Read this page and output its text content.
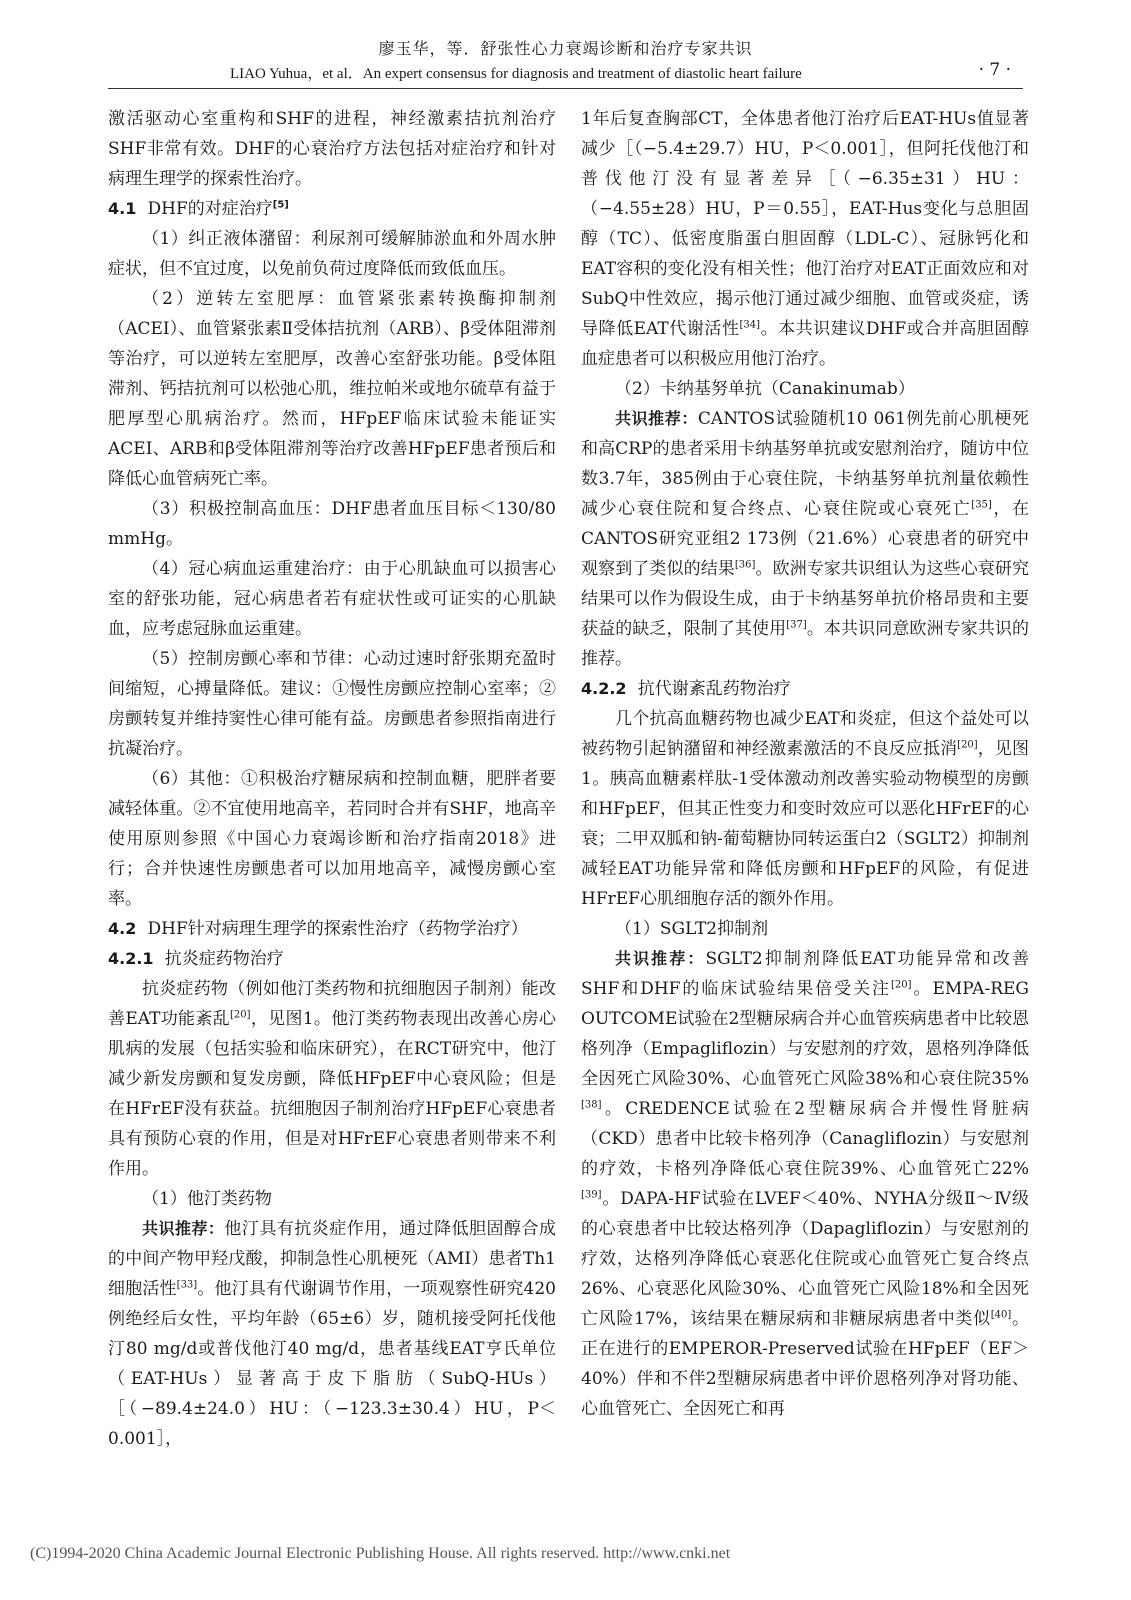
廖玉华，等．舒张性心力衰竭诊断和治疗专家共识
LIAO Yuhua，et al．An expert consensus for diagnosis and treatment of diastolic heart failure	· 7 ·

激活驱动心室重构和SHF的进程，神经激素拮抗剂治疗SHF非常有效。DHF的心衰治疗方法包括对症治疗和针对病理生理学的探索性治疗。

4.1 DHF的对症治疗[5]

（1）纠正液体潴留：利尿剂可缓解肺淤血和外周水肿症状，但不宜过度，以免前负荷过度降低而致低血压。

（2）逆转左室肥厚：血管紧张素转换酶抑制剂（ACEI）、血管紧张素Ⅱ受体拮抗剂（ARB）、β受体阻滞剂等治疗，可以逆转左室肥厚，改善心室舒张功能。β受体阻滞剂、钙拮抗剂可以松弛心肌，维拉帕米或地尔硫草有益于肥厚型心肌病治疗。然而，HFpEF临床试验未能证实ACEI、ARB和β受体阻滞剂等治疗改善HFpEF患者预后和降低心血管病死亡率。

（3）积极控制高血压：DHF患者血压目标＜130/80 mmHg。

（4）冠心病血运重建治疗：由于心肌缺血可以损害心室的舒张功能，冠心病患者若有症状性或可证实的心肌缺血，应考虑冠脉血运重建。

（5）控制房颤心率和节律：心动过速时舒张期充盈时间缩短，心搏量降低。建议：①慢性房颤应控制心室率；②房颤转复并维持窦性心律可能有益。房颤患者参照指南进行抗凝治疗。

（6）其他：①积极治疗糖尿病和控制血糖，肥胖者要减轻体重。②不宜使用地高辛，若同时合并有SHF，地高辛使用原则参照《中国心力衰竭诊断和治疗指南2018》进行；合并快速性房颤患者可以加用地高辛，减慢房颤心室率。

4.2 DHF针对病理生理学的探索性治疗（药物学治疗）

4.2.1 抗炎症药物治疗

抗炎症药物（例如他汀类药物和抗细胞因子制剂）能改善EAT功能紊乱[20]，见图1。他汀类药物表现出改善心房心肌病的发展（包括实验和临床研究），在RCT研究中，他汀减少新发房颤和复发房颤，降低HFpEF中心衰风险；但是在HFrEF没有获益。抗细胞因子制剂治疗HFpEF心衰患者具有预防心衰的作用，但是对HFrEF心衰患者则带来不利作用。

（1）他汀类药物

共识推荐：他汀具有抗炎症作用，通过降低胆固醇合成的中间产物甲羟戊酸，抑制急性心肌梗死（AMI）患者Th1细胞活性[33]。他汀具有代谢调节作用，一项观察性研究420例绝经后女性，平均年龄（65±6）岁，随机接受阿托伐他汀80 mg/d或普伐他汀40 mg/d，患者基线EAT亨氏单位（EAT-HUs）显著高于皮下脂肪（SubQ-HUs）［（−89.4±24.0）HU：（−123.3±30.4）HU，P＜0.001］，

1年后复查胸部CT，全体患者他汀治疗后EAT-HUs值显著减少［（−5.4±29.7）HU，P＜0.001］，但阿托伐他汀和普伐他汀没有显著差异［（−6.35±31）HU：（−4.55±28）HU，P＝0.55］，EAT-Hus变化与总胆固醇（TC）、低密度脂蛋白胆固醇（LDL-C）、冠脉钙化和EAT容积的变化没有相关性；他汀治疗对EAT正面效应和对SubQ中性效应，揭示他汀通过减少细胞、血管或炎症，诱导降低EAT代谢活性[34]。本共识建议DHF或合并高胆固醇血症患者可以积极应用他汀治疗。

（2）卡纳基努单抗（Canakinumab）

共识推荐：CANTOS试验随机10 061例先前心肌梗死和高CRP的患者采用卡纳基努单抗或安慰剂治疗，随访中位数3.7年，385例由于心衰住院，卡纳基努单抗剂量依赖性减少心衰住院和复合终点、心衰住院或心衰死亡[35]，在CANTOS研究亚组2 173例（21.6%）心衰患者的研究中观察到了类似的结果[36]。欧洲专家共识组认为这些心衰研究结果可以作为假设生成，由于卡纳基努单抗价格昂贵和主要获益的缺乏，限制了其使用[37]。本共识同意欧洲专家共识的推荐。

4.2.2 抗代谢紊乱药物治疗

几个抗高血糖药物也减少EAT和炎症，但这个益处可以被药物引起钠潴留和神经激素激活的不良反应抵消[20]，见图1。胰高血糖素样肽-1受体激动剂改善实验动物模型的房颤和HFpEF，但其正性变力和变时效应可以恶化HFrEF的心衰；二甲双胍和钠-葡萄糖协同转运蛋白2（SGLT2）抑制剂减轻EAT功能异常和降低房颤和HFpEF的风险，有促进HFrEF心肌细胞存活的额外作用。

（1）SGLT2抑制剂

共识推荐：SGLT2抑制剂降低EAT功能异常和改善SHF和DHF的临床试验结果倍受关注[20]。EMPA-REG OUTCOME试验在2型糖尿病合并心血管疾病患者中比较恩格列净（Empagliflozin）与安慰剂的疗效，恩格列净降低全因死亡风险30%、心血管死亡风险38%和心衰住院35%[38]。CREDENCE试验在2型糖尿病合并慢性肾脏病（CKD）患者中比较卡格列净（Canagliflozin）与安慰剂的疗效，卡格列净降低心衰住院39%、心血管死亡22%[39]。DAPA-HF试验在LVEF＜40%、NYHA分级Ⅱ～Ⅳ级的心衰患者中比较达格列净（Dapagliflozin）与安慰剂的疗效，达格列净降低心衰恶化住院或心血管死亡复合终点26%、心衰恶化风险30%、心血管死亡风险18%和全因死亡风险17%，该结果在糖尿病和非糖尿病患者中类似[40]。正在进行的EMPEROR-Preserved试验在HFpEF（EF＞40%）伴和不伴2型糖尿病患者中评价恩格列净对肾功能、心血管死亡、全因死亡和再

(C)1994-2020 China Academic Journal Electronic Publishing House. All rights reserved. http://www.cnki.net
